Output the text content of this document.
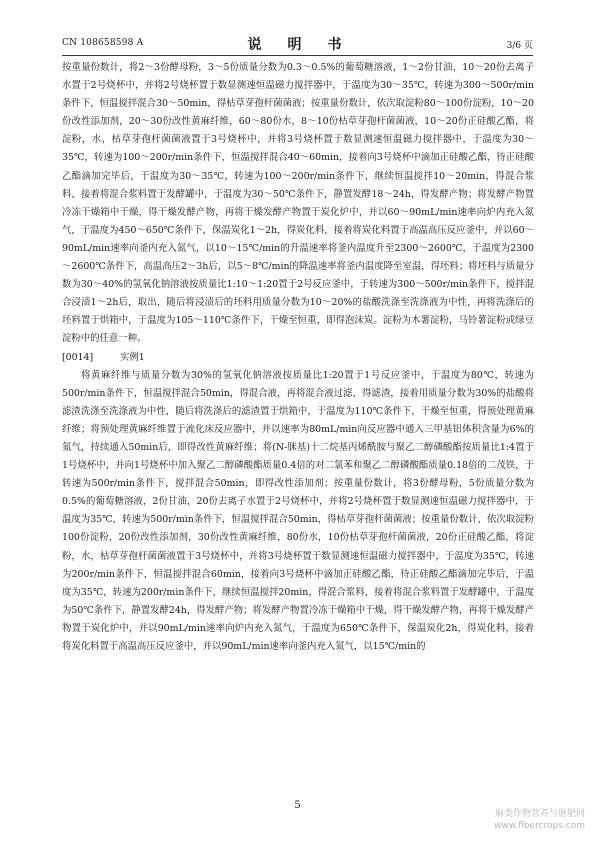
CN 108658598 A	说　明　书	3/6 页

按重量份数计，将2～3份酵母粉，3～5份质量分数为0.3～0.5%的葡萄糖溶液，1～2份甘油，10～20份去离子水置于2号烧杯中，并将2号烧杯置于数显测速恒温磁力搅拌器中，于温度为30～35℃，转速为300～500r/min条件下，恒温搅拌混合30～50min，得枯草芽孢杆菌菌液；按重量份数计，依次取淀粉80～100份淀粉，10～20份改性添加剂，20～30份改性黄麻纤维，60～80份水，8～10份枯草芽孢杆菌菌液，10～20份正硅酸乙酯，将淀粉，水，枯草芽孢杆菌菌液置于3号烧杯中，并将3号烧杯置于数显测速恒温磁力搅拌器中，于温度为30～35℃，转速为100～200r/min条件下，恒温搅拌混合40～60min，接着向3号烧杯中滴加正硅酸乙酯，待正硅酸乙酯滴加完毕后，于温度为30～35℃，转速为100～200r/min条件下，继续恒温搅拌10～20min，得混合浆料，接着将混合浆料置于发酵罐中，于温度为30～50℃条件下，静置发酵18～24h，得发酵产物；将发酵产物置冷冻干燥箱中干燥，得干燥发酵产物，再将干燥发酵产物置于炭化炉中，并以60～90mL/min速率向炉内充入氮气，于温度为450～650℃条件下，保温炭化1～2h，得炭化料，接着将炭化料置于高温高压反应釜中，并以60～90mL/min速率向釜内充入氮气，以10～15℃/min的升温速率将釜内温度升至2300～2600℃，于温度为2300～2600℃条件下，高温高压2～3h后，以5～8℃/min的降温速率将釜内温度降至室温，得坯料；将坯料与质量分数为30～40%的氢氧化钠溶液按质量比1:10～1:20置于2号反应釜中，于转速为300～500r/min条件下，搅拌混合浸渍1～2h后，取出，随后将浸渍后的坯料用质量分数为10～20%的盐酸洗涤至洗涤液为中性，再将洗涤后的坯料置于烘箱中，于温度为105～110℃条件下，干燥至恒重，即得泡沫炭。淀粉为木薯淀粉，马铃薯淀粉或绿豆淀粉中的任意一种。

[0014]	实例1

将黄麻纤维与质量分数为30%的氢氧化钠溶液按质量比1:20置于1号反应釜中，于温度为80℃，转速为500r/min条件下，恒温搅拌混合50min，得混合液，再将混合液过滤，得滤渣，接着用质量分数为30%的盐酸将滤渣洗涤至洗涤液为中性，随后将洗涤后的滤渣置于烘箱中，于温度为110℃条件下，干燥至恒重，得预处理黄麻纤维；将预处理黄麻纤维置于流化床反应器中，并以速率为80mL/min向反应器中通入三甲基铝体积含量为6%的氮气，持续通入50min后，即得改性黄麻纤维；将(N-脒基)十二烷基丙烯酰胺与聚乙二醇磷酸酯按质量比1:4置于1号烧杯中，并向1号烧杯中加入聚乙二醇磷酸酯质量0.4倍的对二氯苯和聚乙二醇磷酸酯质量0.18倍的二茂铁，于转速为500r/min条件下，搅拌混合50min，即得改性添加剂；按重量份数计，将3份酵母粉，5份质量分数为0.5%的葡萄糖溶液，2份甘油，20份去离子水置于2号烧杯中，并将2号烧杯置于数显测速恒温磁力搅拌器中，于温度为35℃，转速为500r/min条件下，恒温搅拌混合50min，得枯草芽孢杆菌菌液；按重量份数计，依次取淀粉100份淀粉，20份改性添加剂，30份改性黄麻纤维，80份水，10份枯草芽孢杆菌菌液，20份正硅酸乙酯，将淀粉，水，枯草芽孢杆菌菌液置于3号烧杯中，并将3号烧杯置于数显测速恒温磁力搅拌器中，于温度为35℃，转速为200r/min条件下，恒温搅拌混合60min，接着向3号烧杯中滴加正硅酸乙酯，待正硅酸乙酯滴加完毕后，于温度为35℃，转速为200r/min条件下，继续恒温搅拌20min，得混合浆料，接着将混合浆料置于发酵罐中，于温度为50℃条件下，静置发酵24h，得发酵产物；将发酵产物置冷冻干燥箱中干燥，得干燥发酵产物，再将干燥发酵产物置于炭化炉中，并以90mL/min速率向炉内充入氮气，于温度为650℃条件下，保温炭化2h，得炭化料，接着将炭化料置于高温高压反应釜中，并以90mL/min速率向釜内充入氮气，以15℃/min的

5
麻类作物营养与施肥网
www.fibercrops.com
